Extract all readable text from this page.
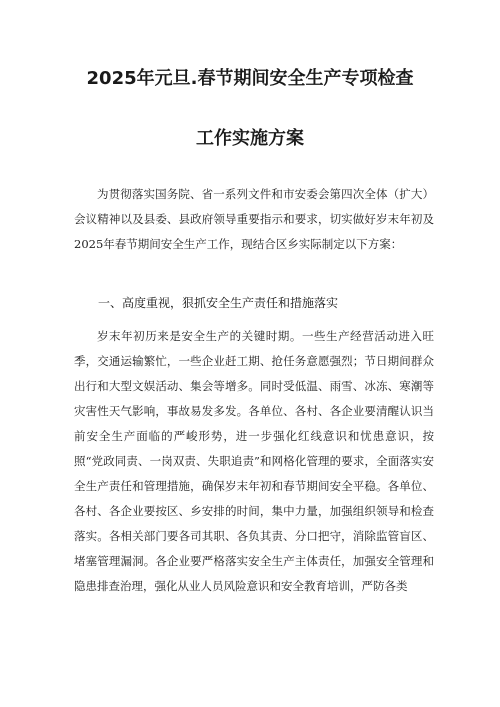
2025年元旦.春节期间安全生产专项检查
工作实施方案

为贯彻落实国务院、省一系列文件和市安委会第四次全体（扩大）会议精神以及县委、县政府领导重要指示和要求，切实做好岁末年初及2025年春节期间安全生产工作，现结合区乡实际制定以下方案：

一、高度重视，狠抓安全生产责任和措施落实

岁末年初历来是安全生产的关键时期。一些生产经营活动进入旺季，交通运输繁忙，一些企业赶工期、抢任务意愿强烈；节日期间群众出行和大型文娱活动、集会等增多。同时受低温、雨雪、冰冻、寒潮等灾害性天气影响，事故易发多发。各单位、各村、各企业要清醒认识当前安全生产面临的严峻形势，进一步强化红线意识和忧患意识，按照“党政同责、一岗双责、失职追责”和网格化管理的要求，全面落实安全生产责任和管理措施，确保岁末年初和春节期间安全平稳。各单位、各村、各企业要按区、乡安排的时间，集中力量，加强组织领导和检查落实。各相关部门要各司其职、各负其责、分口把守，消除监管盲区、堵塞管理漏洞。各企业要严格落实安全生产主体责任，加强安全管理和隐患排查治理，强化从业人员风险意识和安全教育培训，严防各类
